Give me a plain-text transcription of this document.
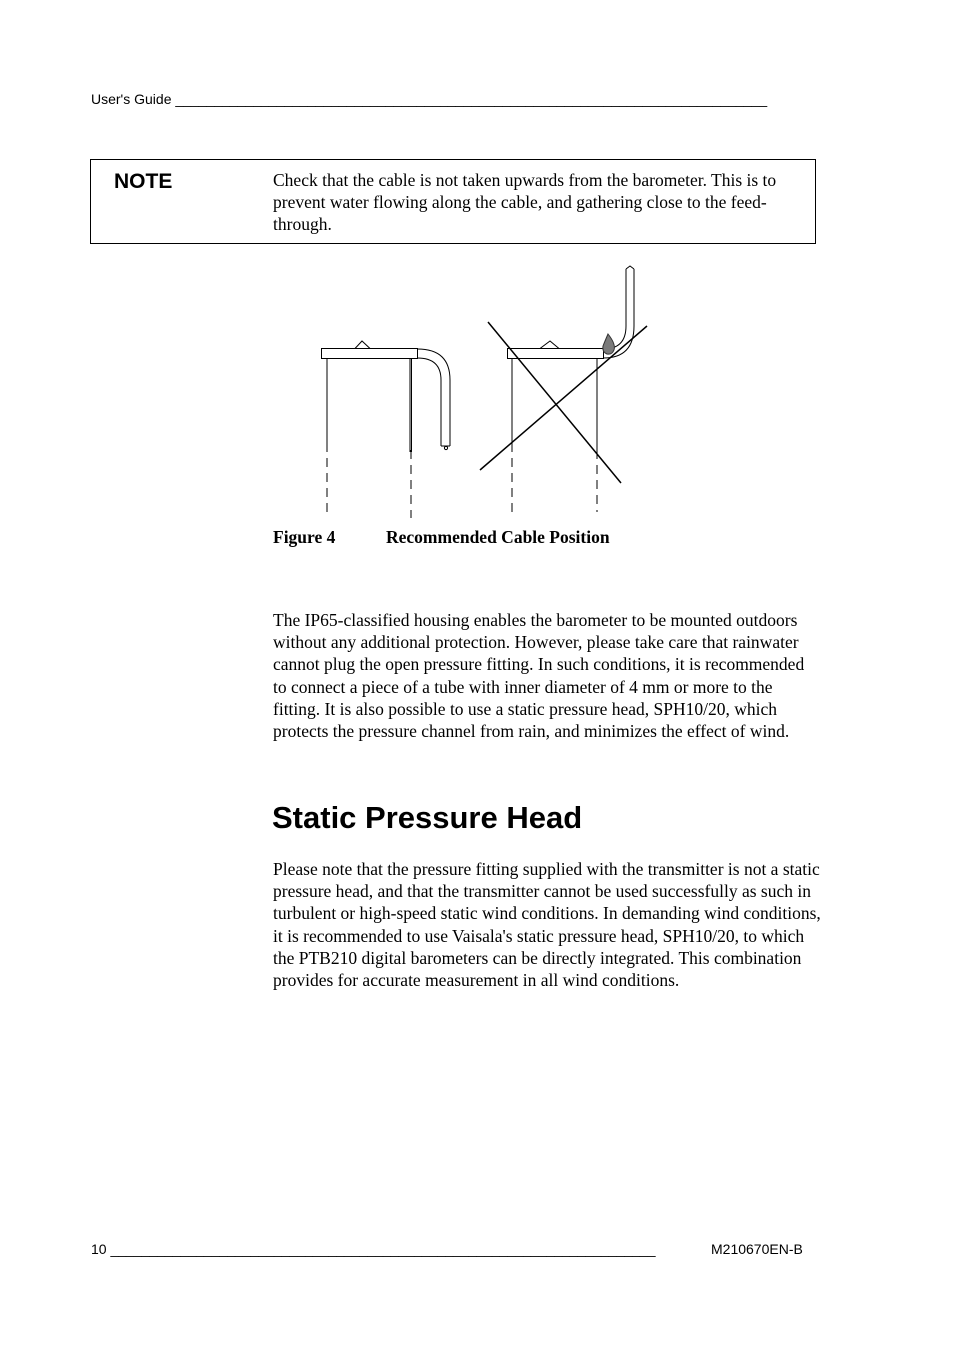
User's Guide ____________________________________________________________________________
NOTE	Check that the cable is not taken upwards from the barometer. This is to prevent water flowing along the cable, and gathering close to the feed-through.
Figure 4	Recommended Cable Position
The IP65-classified housing enables the barometer to be mounted outdoors without any additional protection. However, please take care that rainwater cannot plug the open pressure fitting. In such conditions, it is recommended to connect a piece of a tube with inner diameter of 4 mm or more to the fitting. It is also possible to use a static pressure head, SPH10/20, which protects the pressure channel from rain, and minimizes the effect of wind.
Static Pressure Head
Please note that the pressure fitting supplied with the transmitter is not a static pressure head, and that the transmitter cannot be used successfully as such in turbulent or high-speed static wind conditions. In demanding wind conditions, it is recommended to use Vaisala's static pressure head, SPH10/20, to which the PTB210 digital barometers can be directly integrated. This combination provides for accurate measurement in all wind conditions.
10 ______________________________________________________________________	M210670EN-B
